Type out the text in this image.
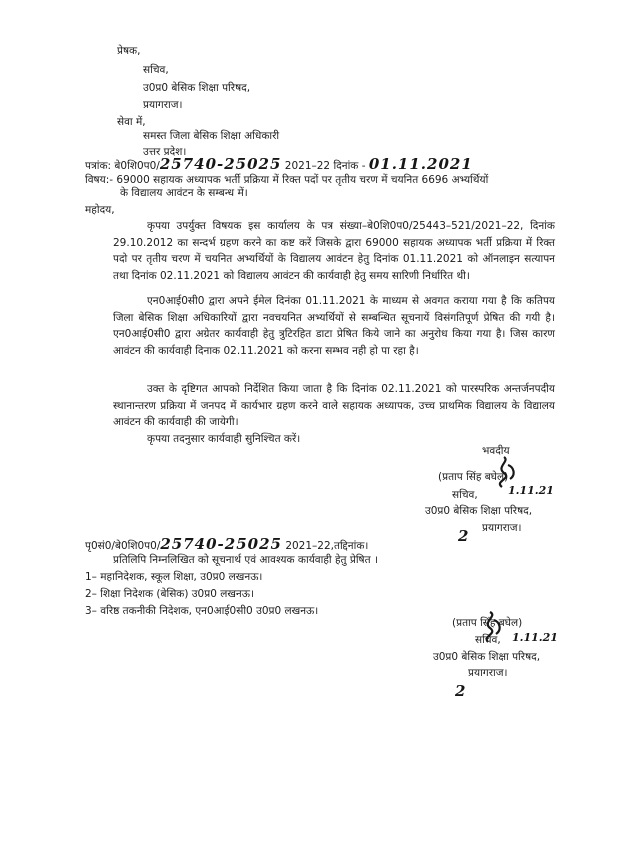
प्रेषक,
सचिव,
उ0प्र0 बेसिक शिक्षा परिषद,
प्रयागराज।
सेवा में,
समस्त जिला बेसिक शिक्षा अधिकारी
उत्तर प्रदेश।
पत्रांक: बे0शि0प0/25740-25025 2021–22 दिनांक - 01.11.2021
विषय:- 69000 सहायक अध्यापक भर्ती प्रक्रिया में रिक्त पदों पर तृतीय चरण में चयनित 6696 अभ्यर्थियों
के विद्यालय आवंटन के सम्बन्ध में।
महोदय,
कृपया उपर्युक्त विषयक इस कार्यालय के पत्र संख्या–बे0शि0प0/25443–521/2021–22, दिनांक 29.10.2012 का सन्दर्भ ग्रहण करने का कष्ट करें जिसके द्वारा 69000 सहायक अध्यापक भर्ती प्रक्रिया में रिक्त पदो पर तृतीय चरण में चयनित अभ्यर्थियों के विद्यालय आवंटन हेतु दिनांक 01.11.2021 को ऑनलाइन सत्यापन तथा दिनांक 02.11.2021 को विद्यालय आवंटन की कार्यवाही हेतु समय सारिणी निर्धारित थी।
एन0आई0सी0 द्वारा अपने ईमेल दिनंका 01.11.2021 के माध्यम से अवगत कराया गया है कि कतिपय जिला बेसिक शिक्षा अधिकारियों द्वारा नवचयनित अभ्यर्थियों से सम्बन्धित सूचनायें विसंगतिपूर्ण प्रेषित की गयी है। एन0आई0सी0 द्वारा अग्रेतर कार्यवाही हेतु त्रुटिरहित डाटा प्रेषित किये जाने का अनुरोध किया गया है। जिस कारण आवंटन की कार्यवाही दिनाक 02.11.2021 को करना सम्भव नही हो पा रहा है।
उक्त के दृष्टिगत आपको निर्देशित किया जाता है कि दिनांक 02.11.2021 को पारस्परिक अन्तर्जनपदीय स्थानान्तरण प्रक्रिया में जनपद में कार्यभार ग्रहण करने वाले सहायक अध्यापक, उच्च प्राथमिक विद्यालय के विद्यालय आवंटन की कार्यवाही की जायेगी।
कृपया तदनुसार कार्यवाही सुनिश्चित करें।
भवदीय
(प्रताप सिंह बघेल)
1.11.21
सचिव,
उ0प्र0 बेसिक शिक्षा परिषद,
2 प्रयागराज।
पृ0सं0/बे0शि0प0/25740-25025 2021–22,तद्दिनांक।
प्रतिलिपि निम्नलिखित को सूचनार्थ एवं आवश्यक कार्यवाही हेतु प्रेषित ।
1– महानिदेशक, स्कूल शिक्षा, उ0प्र0 लखनऊ।
2– शिक्षा निदेशक (बेसिक) उ0प्र0 लखनऊ।
3– वरिष्ठ तकनीकी निदेशक, एन0आई0सी0 उ0प्र0 लखनऊ।
(प्रताप सिंह बघेल)
सचिव, 1.11.21
उ0प्र0 बेसिक शिक्षा परिषद,
प्रयागराज।
2
